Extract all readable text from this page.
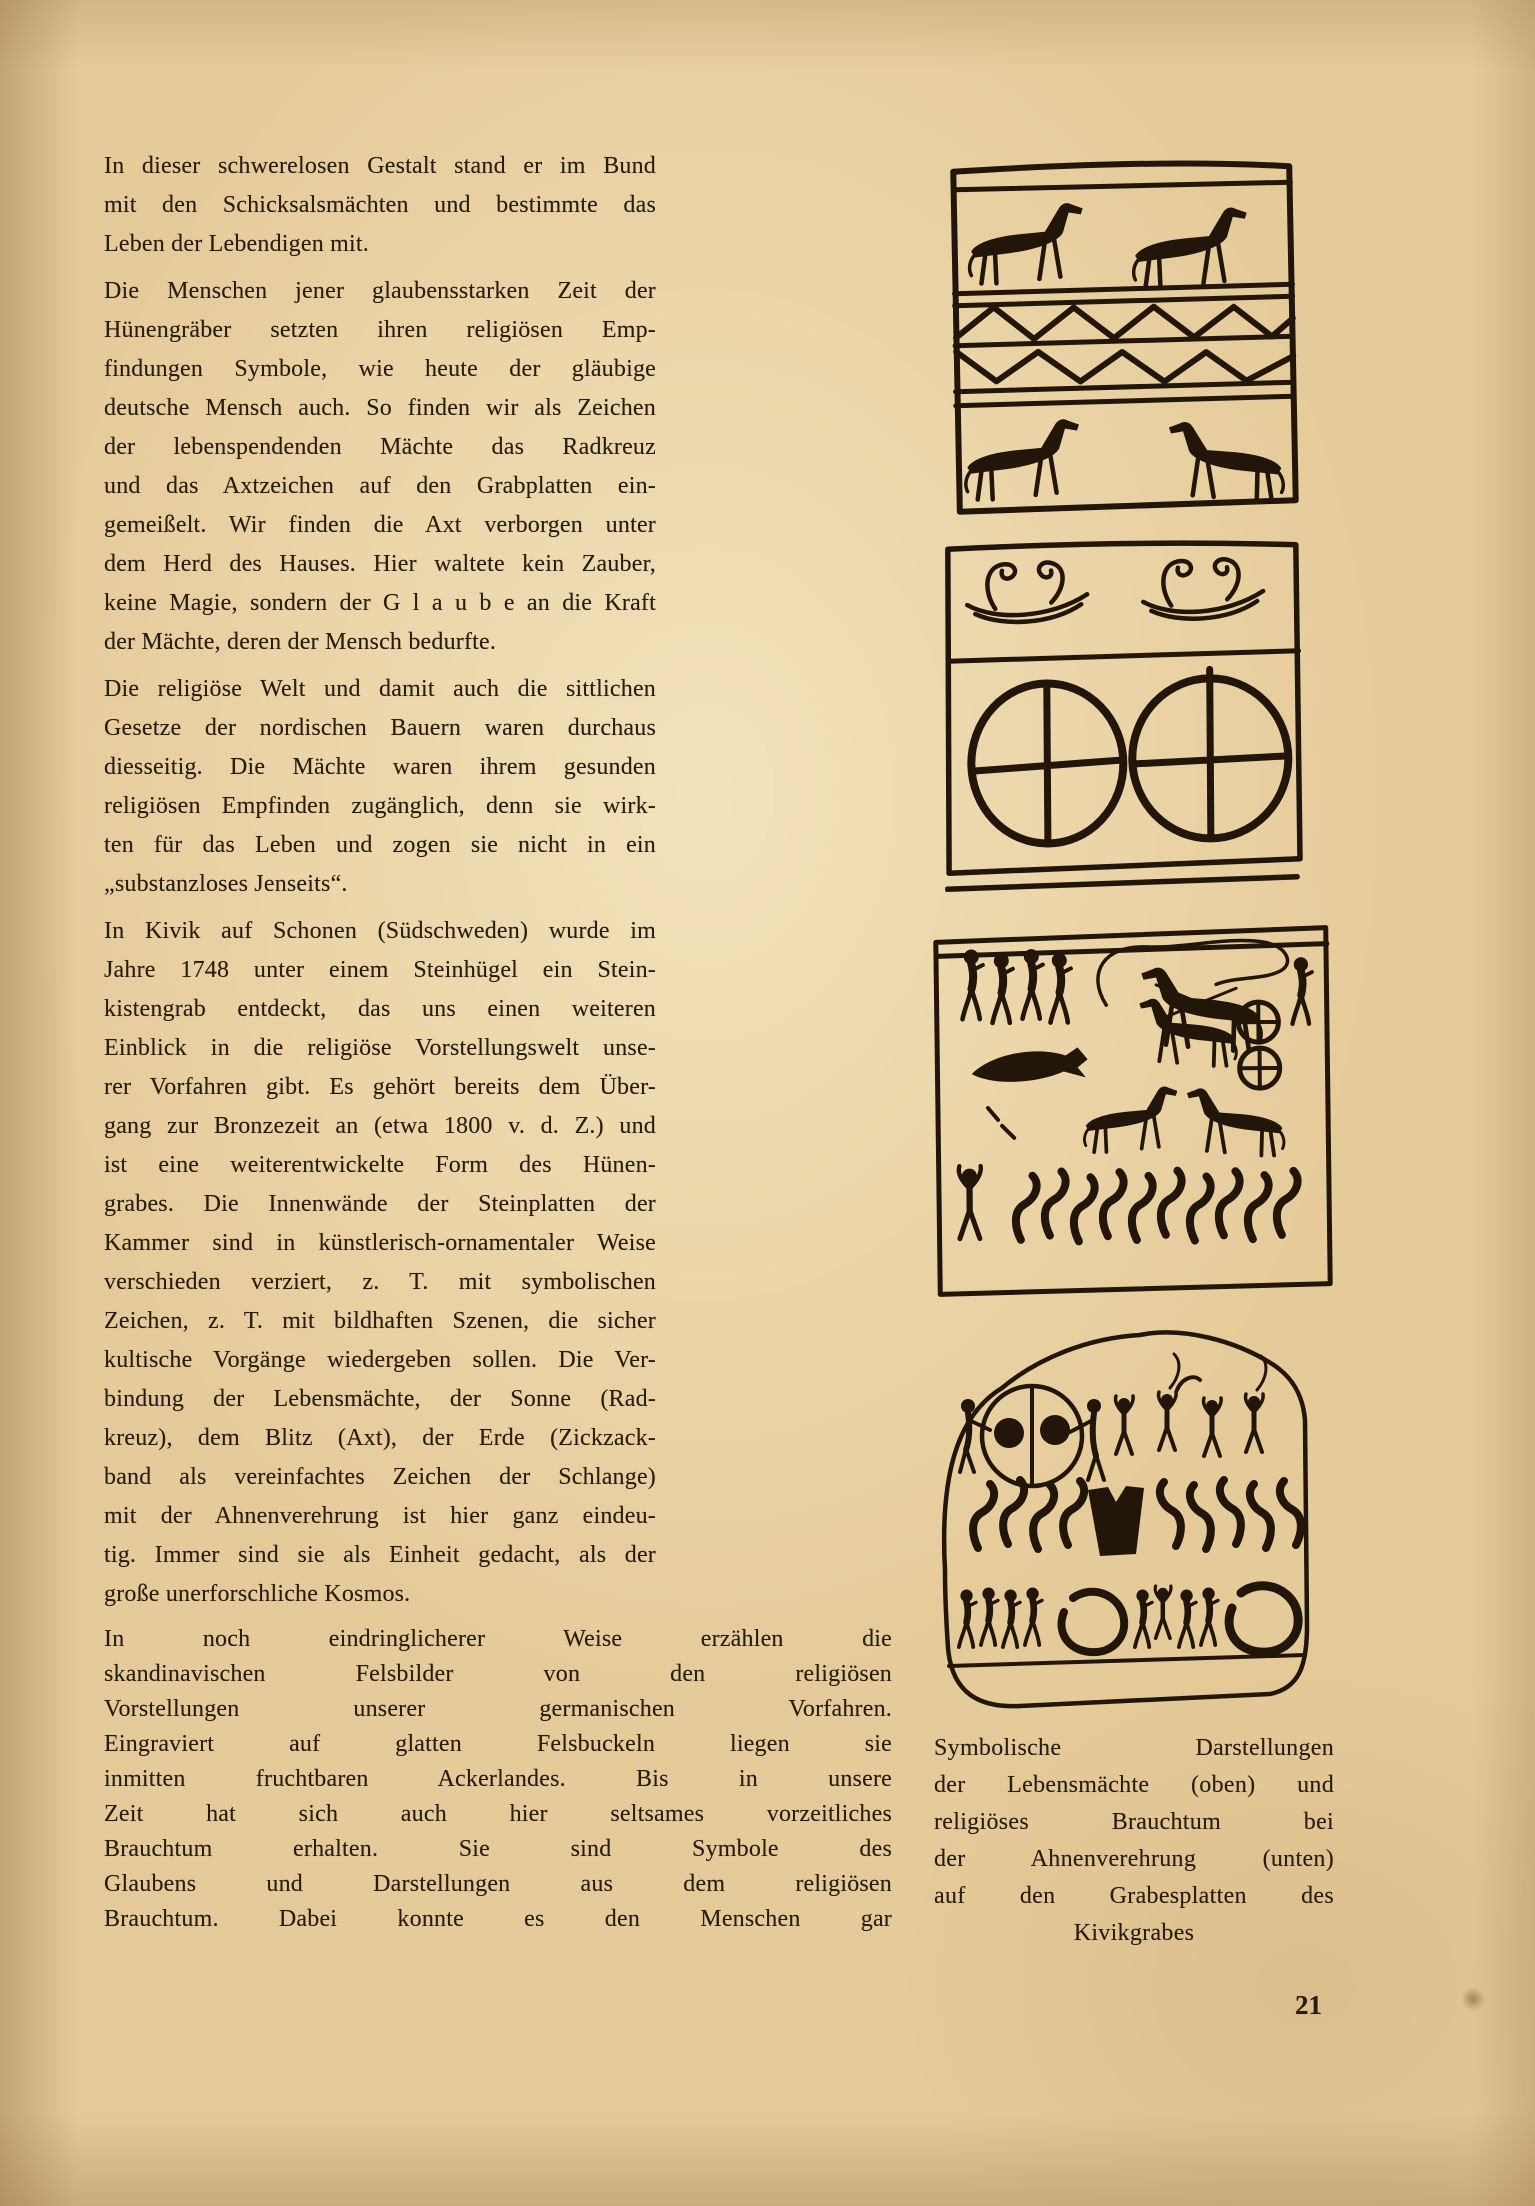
In dieser schwerelosen Gestalt stand er im Bund
mit den Schicksalsmächten und bestimmte das
Leben der Lebendigen mit.
Die Menschen jener glaubensstarken Zeit der
Hünengräber setzten ihren religiösen Emp-
findungen Symbole, wie heute der gläubige
deutsche Mensch auch. So finden wir als Zeichen
der lebenspendenden Mächte das Radkreuz
und das Axtzeichen auf den Grabplatten ein-
gemeißelt. Wir finden die Axt verborgen unter
dem Herd des Hauses. Hier waltete kein Zauber,
keine Magie, sondern der G l a u b e an die Kraft
der Mächte, deren der Mensch bedurfte.
Die religiöse Welt und damit auch die sittlichen
Gesetze der nordischen Bauern waren durchaus
diesseitig. Die Mächte waren ihrem gesunden
religiösen Empfinden zugänglich, denn sie wirk-
ten für das Leben und zogen sie nicht in ein
„substanzloses Jenseits“.
In Kivik auf Schonen (Südschweden) wurde im
Jahre 1748 unter einem Steinhügel ein Stein-
kistengrab entdeckt, das uns einen weiteren
Einblick in die religiöse Vorstellungswelt unse-
rer Vorfahren gibt. Es gehört bereits dem Über-
gang zur Bronzezeit an (etwa 1800 v. d. Z.) und
ist eine weiterentwickelte Form des Hünen-
grabes. Die Innenwände der Steinplatten der
Kammer sind in künstlerisch-ornamentaler Weise
verschieden verziert, z. T. mit symbolischen
Zeichen, z. T. mit bildhaften Szenen, die sicher
kultische Vorgänge wiedergeben sollen. Die Ver-
bindung der Lebensmächte, der Sonne (Rad-
kreuz), dem Blitz (Axt), der Erde (Zickzack-
band als vereinfachtes Zeichen der Schlange)
mit der Ahnenverehrung ist hier ganz eindeu-
tig. Immer sind sie als Einheit gedacht, als der
große unerforschliche Kosmos.
In noch eindringlicherer Weise erzählen die
skandinavischen Felsbilder von den religiösen
Vorstellungen unserer germanischen Vorfahren.
Eingraviert auf glatten Felsbuckeln liegen sie
inmitten fruchtbaren Ackerlandes. Bis in unsere
Zeit hat sich auch hier seltsames vorzeitliches
Brauchtum erhalten. Sie sind Symbole des
Glaubens und Darstellungen aus dem religiösen
Brauchtum. Dabei konnte es den Menschen gar
Symbolische Darstellungen
der Lebensmächte (oben) und
religiöses Brauchtum bei
der Ahnenverehrung (unten)
auf den Grabesplatten des
Kivikgrabes
21
